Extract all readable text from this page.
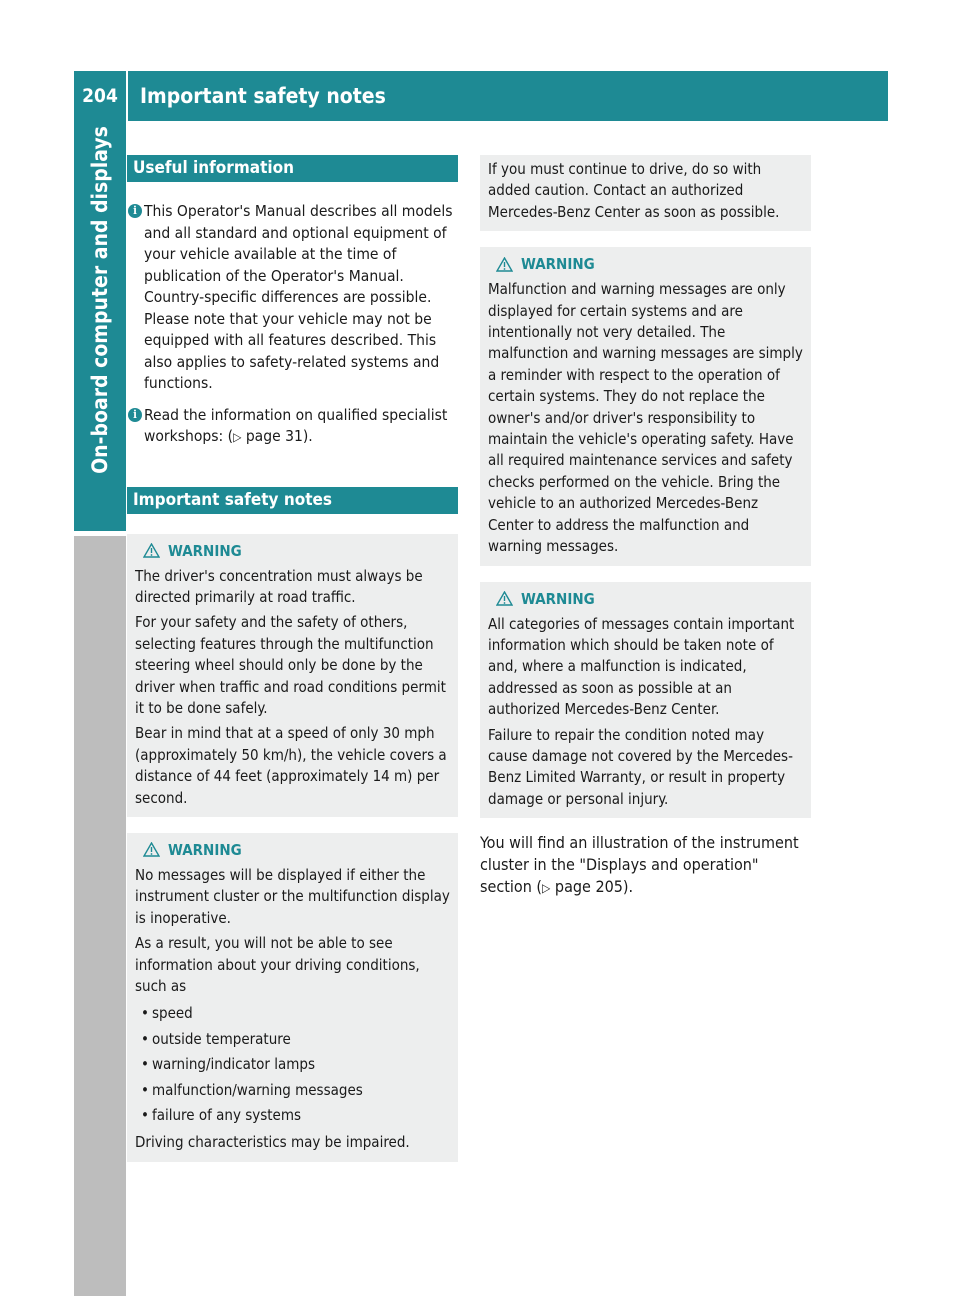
On-board computer and displays
204	Important safety notes
Useful information

i This Operator's Manual describes all models and all standard and optional equipment of your vehicle available at the time of publication of the Operator's Manual. Country-specific differences are possible. Please note that your vehicle may not be equipped with all features described. This also applies to safety-related systems and functions.

i Read the information on qualified specialist workshops: (▷ page 31).

Important safety notes
WARNING

The driver's concentration must always be directed primarily at road traffic.

For your safety and the safety of others, selecting features through the multifunction steering wheel should only be done by the driver when traffic and road conditions permit it to be done safely.

Bear in mind that at a speed of only 30 mph (approximately 50 km/h), the vehicle covers a distance of 44 feet (approximately 14 m) per second.

WARNING

No messages will be displayed if either the instrument cluster or the multifunction display is inoperative.

As a result, you will not be able to see information about your driving conditions, such as

• speed
• outside temperature
• warning/indicator lamps
• malfunction/warning messages
• failure of any systems

Driving characteristics may be impaired.

If you must continue to drive, do so with added caution. Contact an authorized Mercedes-Benz Center as soon as possible.

WARNING

Malfunction and warning messages are only displayed for certain systems and are intentionally not very detailed. The malfunction and warning messages are simply a reminder with respect to the operation of certain systems. They do not replace the owner's and/or driver's responsibility to maintain the vehicle's operating safety. Have all required maintenance services and safety checks performed on the vehicle. Bring the vehicle to an authorized Mercedes-Benz Center to address the malfunction and warning messages.

WARNING

All categories of messages contain important information which should be taken note of and, where a malfunction is indicated, addressed as soon as possible at an authorized Mercedes-Benz Center.

Failure to repair the condition noted may cause damage not covered by the Mercedes-Benz Limited Warranty, or result in property damage or personal injury.

You will find an illustration of the instrument cluster in the "Displays and operation" section (▷ page 205).
